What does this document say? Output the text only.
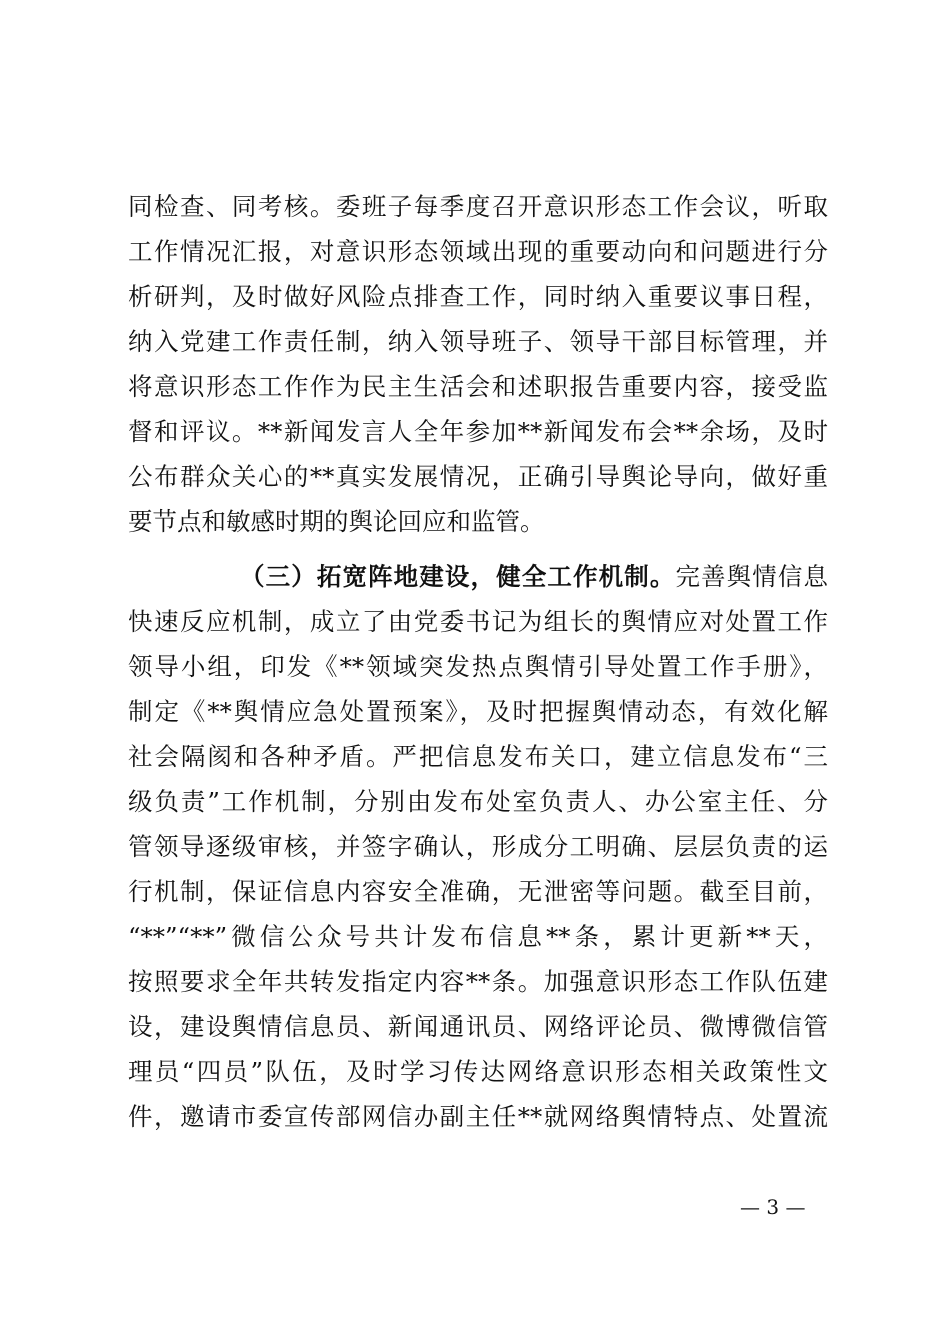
同检查、同考核。委班子每季度召开意识形态工作会议，听取
工作情况汇报，对意识形态领域出现的重要动向和问题进行分
析研判，及时做好风险点排查工作，同时纳入重要议事日程，
纳入党建工作责任制，纳入领导班子、领导干部目标管理，并
将意识形态工作作为民主生活会和述职报告重要内容，接受监
督和评议。**新闻发言人全年参加**新闻发布会**余场，及时
公布群众关心的**真实发展情况，正确引导舆论导向，做好重
要节点和敏感时期的舆论回应和监管。
（三）拓宽阵地建设，健全工作机制。完善舆情信息
快速反应机制，成立了由党委书记为组长的舆情应对处置工作
领导小组，印发《**领域突发热点舆情引导处置工作手册》，
制定《**舆情应急处置预案》，及时把握舆情动态，有效化解
社会隔阂和各种矛盾。严把信息发布关口，建立信息发布“三
级负责”工作机制，分别由发布处室负责人、办公室主任、分
管领导逐级审核，并签字确认，形成分工明确、层层负责的运
行机制，保证信息内容安全准确，无泄密等问题。截至目前，
“**”“**”微信公众号共计发布信息**条，累计更新**天，
按照要求全年共转发指定内容**条。加强意识形态工作队伍建
设，建设舆情信息员、新闻通讯员、网络评论员、微博微信管
理员“四员”队伍，及时学习传达网络意识形态相关政策性文
件，邀请市委宣传部网信办副主任**就网络舆情特点、处置流
— 3 —
